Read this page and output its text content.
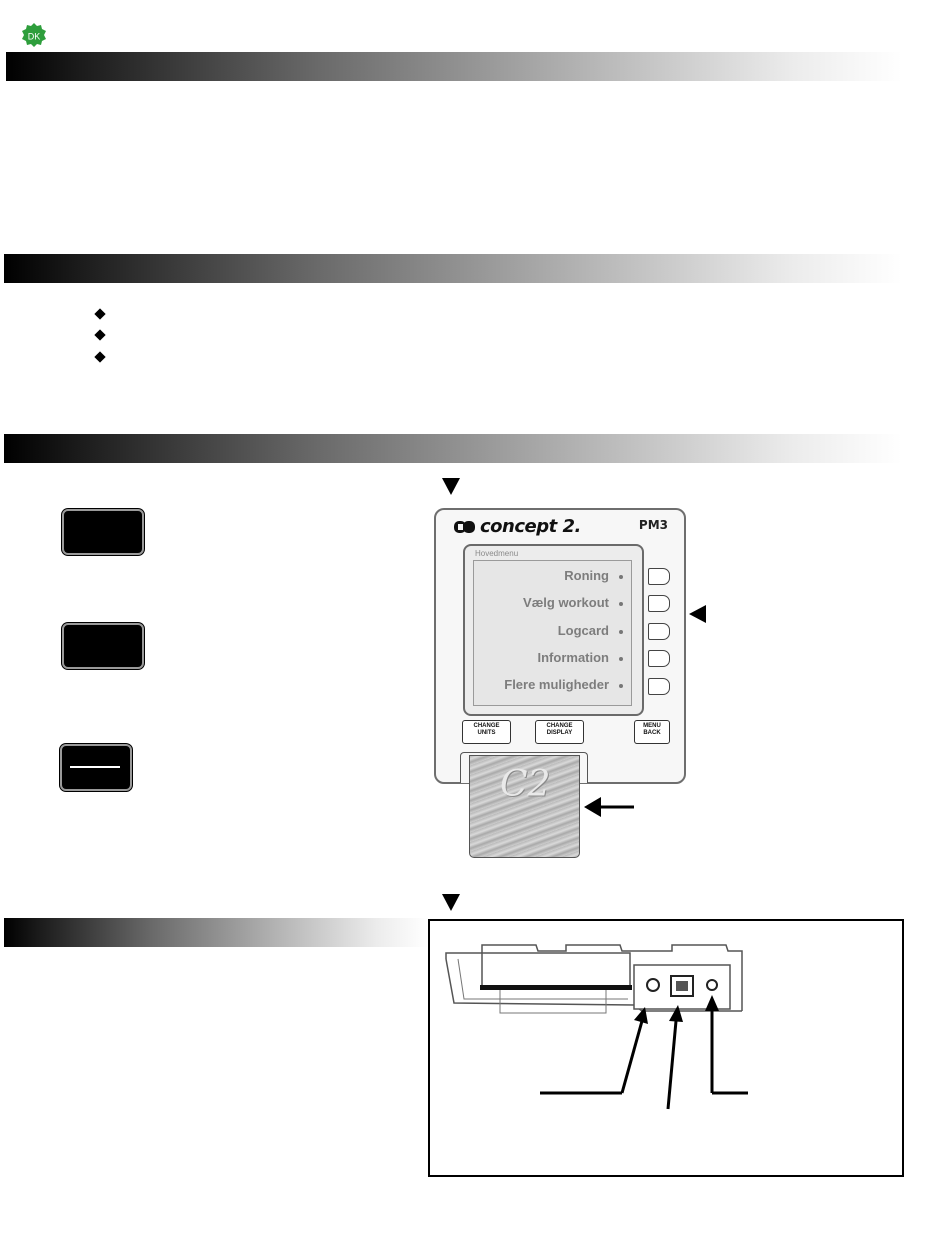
DK
concept 2.	PM3
Hovedmenu
Roning
Vælg workout
Logcard
Information
Flere muligheder
CHANGE
UNITS
CHANGE
DISPLAY
MENU
BACK
C2
